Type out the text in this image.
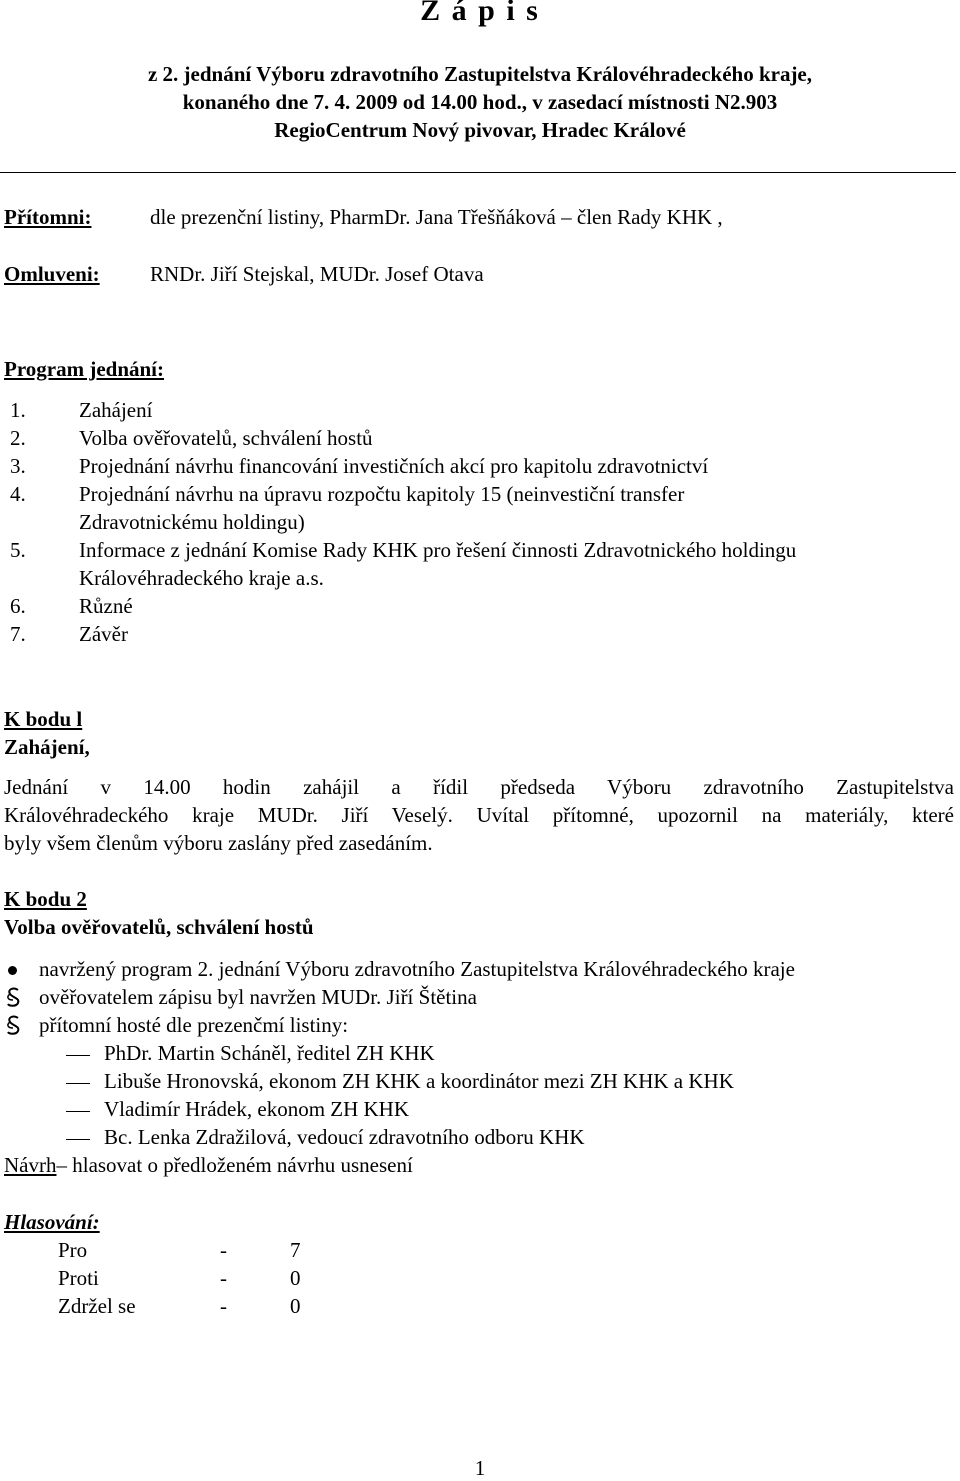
Z á p i s
z 2. jednání Výboru zdravotního Zastupitelstva Královéhradeckého kraje,
konaného dne 7. 4. 2009 od 14.00 hod., v zasedací místnosti N2.903
RegioCentrum Nový pivovar, Hradec Králové
Přítomni:	dle prezenční listiny, PharmDr. Jana Třešňáková – člen Rady KHK ,
Omluveni: RNDr. Jiří Stejskal, MUDr. Josef Otava
Program jednání:
1.	Zahájení
2.	Volba ověřovatelů, schválení hostů
3.	Projednání návrhu financování investičních akcí pro kapitolu zdravotnictví
4.	Projednání návrhu na úpravu rozpočtu kapitoly 15 (neinvestiční transfer
Zdravotnickému holdingu)
5.	Informace z jednání Komise Rady KHK pro řešení činnosti Zdravotnického holdingu
Královéhradeckého kraje a.s.
6.	Různé
7.	Závěr
K bodu l
Zahájení,
Jednání v 14.00 hodin zahájil a řídil předseda Výboru zdravotního Zastupitelstva
Královéhradeckého kraje MUDr. Jiří Veselý. Uvítal přítomné, upozornil na materiály, které
byly všem členům výboru zaslány před zasedáním.
K bodu 2
Volba ověřovatelů, schválení hostů
navržený program 2. jednání Výboru zdravotního Zastupitelstva Královéhradeckého kraje
ověřovatelem zápisu byl navržen MUDr. Jiří Štětina
přítomní hosté dle prezenčmí listiny:
PhDr. Martin Scháněl, ředitel ZH KHK
Libuše Hronovská, ekonom ZH KHK a koordinátor mezi ZH KHK a KHK
Vladimír Hrádek, ekonom ZH KHK
Bc. Lenka Zdražilová, vedoucí zdravotního odboru KHK
Návrh– hlasovat o předloženém návrhu usnesení
Hlasování:
Pro	-	7
Proti	-	0
Zdržel se	-	0
1
